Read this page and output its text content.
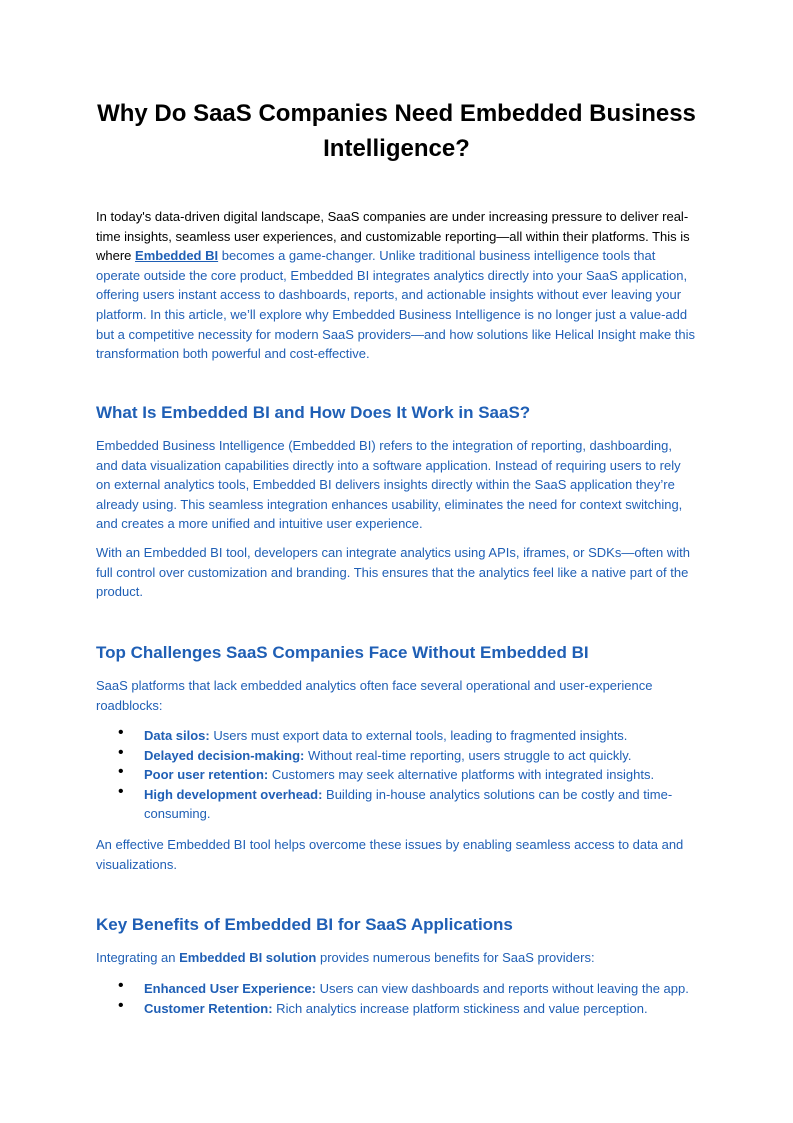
Why Do SaaS Companies Need Embedded Business Intelligence?

In today's data-driven digital landscape, SaaS companies are under increasing pressure to deliver real-time insights, seamless user experiences, and customizable reporting—all within their platforms. This is where Embedded BI becomes a game-changer. Unlike traditional business intelligence tools that operate outside the core product, Embedded BI integrates analytics directly into your SaaS application, offering users instant access to dashboards, reports, and actionable insights without ever leaving your platform. In this article, we’ll explore why Embedded Business Intelligence is no longer just a value-add but a competitive necessity for modern SaaS providers—and how solutions like Helical Insight make this transformation both powerful and cost-effective.

What Is Embedded BI and How Does It Work in SaaS?

Embedded Business Intelligence (Embedded BI) refers to the integration of reporting, dashboarding, and data visualization capabilities directly into a software application. Instead of requiring users to rely on external analytics tools, Embedded BI delivers insights directly within the SaaS application they’re already using. This seamless integration enhances usability, eliminates the need for context switching, and creates a more unified and intuitive user experience.

With an Embedded BI tool, developers can integrate analytics using APIs, iframes, or SDKs—often with full control over customization and branding. This ensures that the analytics feel like a native part of the product.

Top Challenges SaaS Companies Face Without Embedded BI

SaaS platforms that lack embedded analytics often face several operational and user-experience roadblocks:

• Data silos: Users must export data to external tools, leading to fragmented insights.
• Delayed decision-making: Without real-time reporting, users struggle to act quickly.
• Poor user retention: Customers may seek alternative platforms with integrated insights.
• High development overhead: Building in-house analytics solutions can be costly and time-consuming.

An effective Embedded BI tool helps overcome these issues by enabling seamless access to data and visualizations.

Key Benefits of Embedded BI for SaaS Applications

Integrating an Embedded BI solution provides numerous benefits for SaaS providers:

• Enhanced User Experience: Users can view dashboards and reports without leaving the app.
• Customer Retention: Rich analytics increase platform stickiness and value perception.
